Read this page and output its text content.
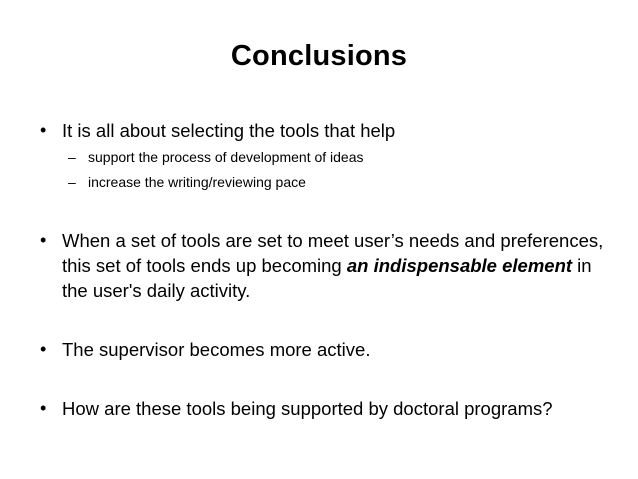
Conclusions
• It is all about selecting the tools that help
– support the process of development of ideas
– increase the writing/reviewing pace
• When a set of tools are set to meet user’s needs and preferences, this set of tools ends up becoming an indispensable element in the user's daily activity.
• The supervisor becomes more active.
• How are these tools being supported by doctoral programs?
